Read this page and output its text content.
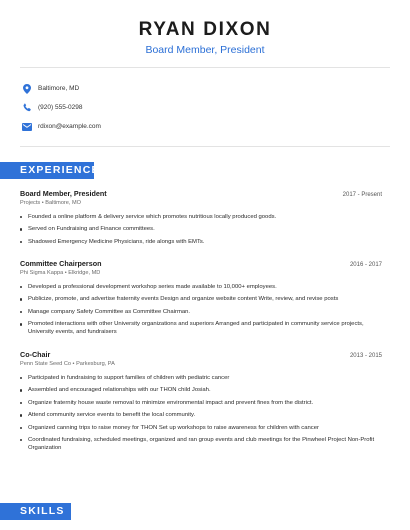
RYAN DIXON
Board Member, President
Baltimore, MD
(920) 555-0298
rdixon@example.com
EXPERIENCE
Board Member, President	2017 - Present
Projects • Baltimore, MO
Founded a online platform & delivery service which promotes nutritious locally produced goods.
Served on Fundraising and Finance committees.
Shadowed Emergency Medicine Physicians, ride alongs with EMTs.
Committee Chairperson	2016 - 2017
Phi Sigma Kappa • Elkridge, MD
Developed a professional development workshop series made available to 10,000+ employees.
Publicize, promote, and advertise fraternity events Design and organize website content Write, review, and revise posts
Manage company Safety Committee as Committee Chairman.
Promoted interactions with other University organizations and superiors Arranged and participated in community service projects, University events, and fundraisers
Co-Chair	2013 - 2015
Penn State Seed Co • Parkesburg, PA
Participated in fundraising to support families of children with pediatric cancer
Assembled and encouraged relationships with our THON child Josiah.
Organize fraternity house waste removal to minimize environmental impact and prevent fines from the district.
Attend community service events to benefit the local community.
Organized canning trips to raise money for THON Set up workshops to raise awareness for children with cancer
Coordinated fundraising, scheduled meetings, organized and ran group events and club meetings for the Pinwheel Project Non-Profit Organization
SKILLS
